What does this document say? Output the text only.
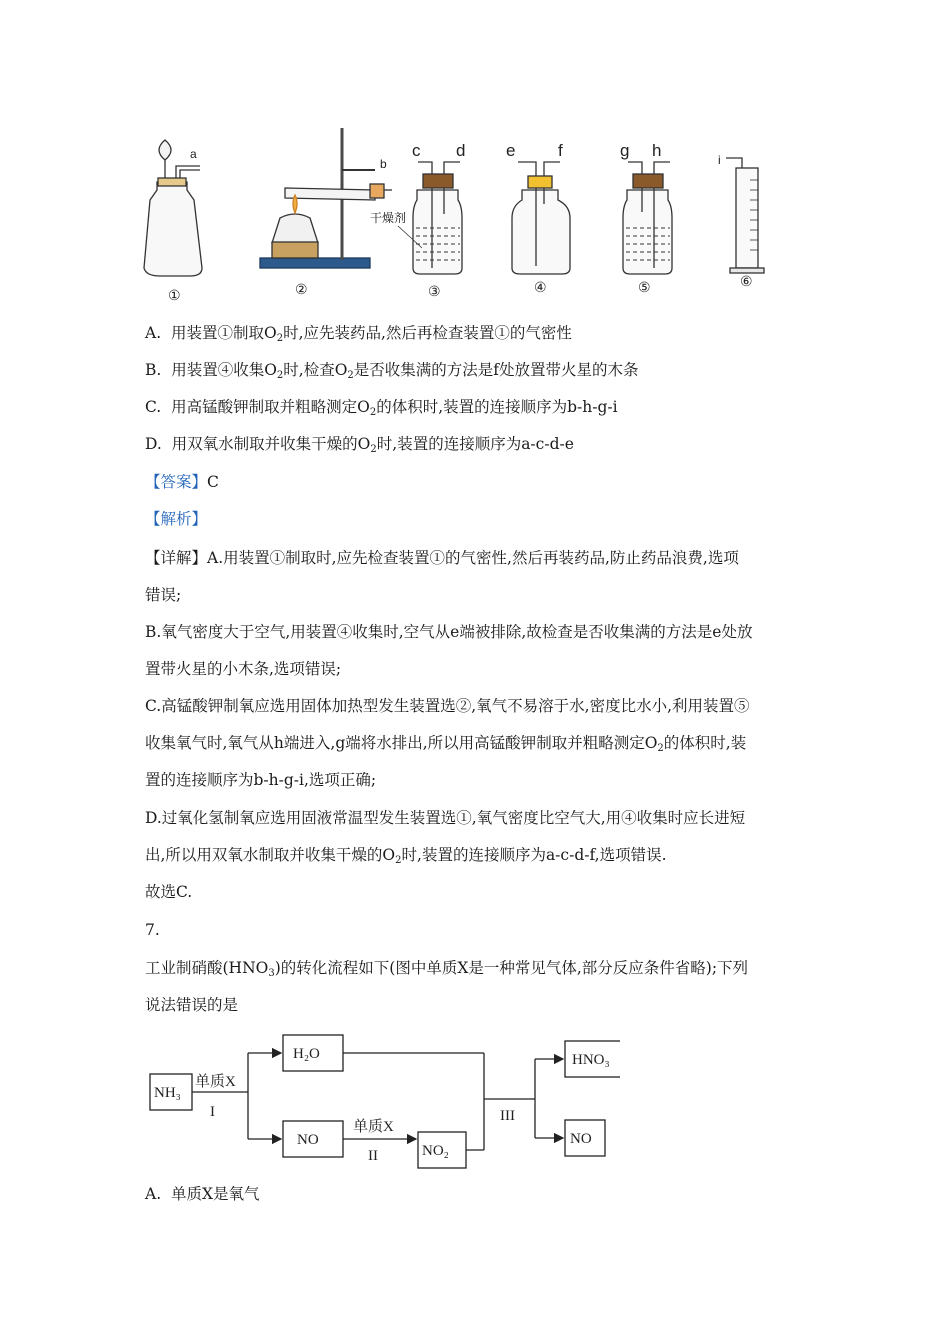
a
b
c d e	f	g h	i
干燥剂
①	②	③	④	⑤	⑥
A. 用装置①制取$O_2$时,应先装药品,然后再检查装置①的气密性
B. 用装置④收集$O_2$时,检查$O_2$是否收集满的方法是f处放置带火星的木条
C. 用高锰酸钾制取并粗略测定$O_2$的体积时,装置的连接顺序为b-h-g-i
D. 用双氧水制取并收集干燥的$O_2$时,装置的连接顺序为a-c-d-e
【答案】C
【解析】
【详解】A.用装置①制取时,应先检查装置①的气密性,然后再装药品,防止药品浪费,选项
错误;
B.氧气密度大于空气,用装置④收集时,空气从e端被排除,故检查是否收集满的方法是e处放
置带火星的小木条,选项错误;
C.高锰酸钾制氧应选用固体加热型发生装置选②,氧气不易溶于水,密度比水小,利用装置⑤
收集氧气时,氧气从h端进入,g端将水排出,所以用高锰酸钾制取并粗略测定$O_2$的体积时,装
置的连接顺序为b-h-g-i,选项正确;
D.过氧化氢制氧应选用固液常温型发生装置选①,氧气密度比空气大,用④收集时应长进短
出,所以用双氧水制取并收集干燥的$O_2$时,装置的连接顺序为a-c-d-f,选项错误.
故选C.
7.
工业制硝酸$(HNO_3)$的转化流程如下(图中单质X是一种常见气体,部分反应条件省略);下列
说法错误的是
NH₃
H₂O
NO
NO₂
HNO₃
NO
单质X
单质X
I
II
III
A. 单质X是氧气
